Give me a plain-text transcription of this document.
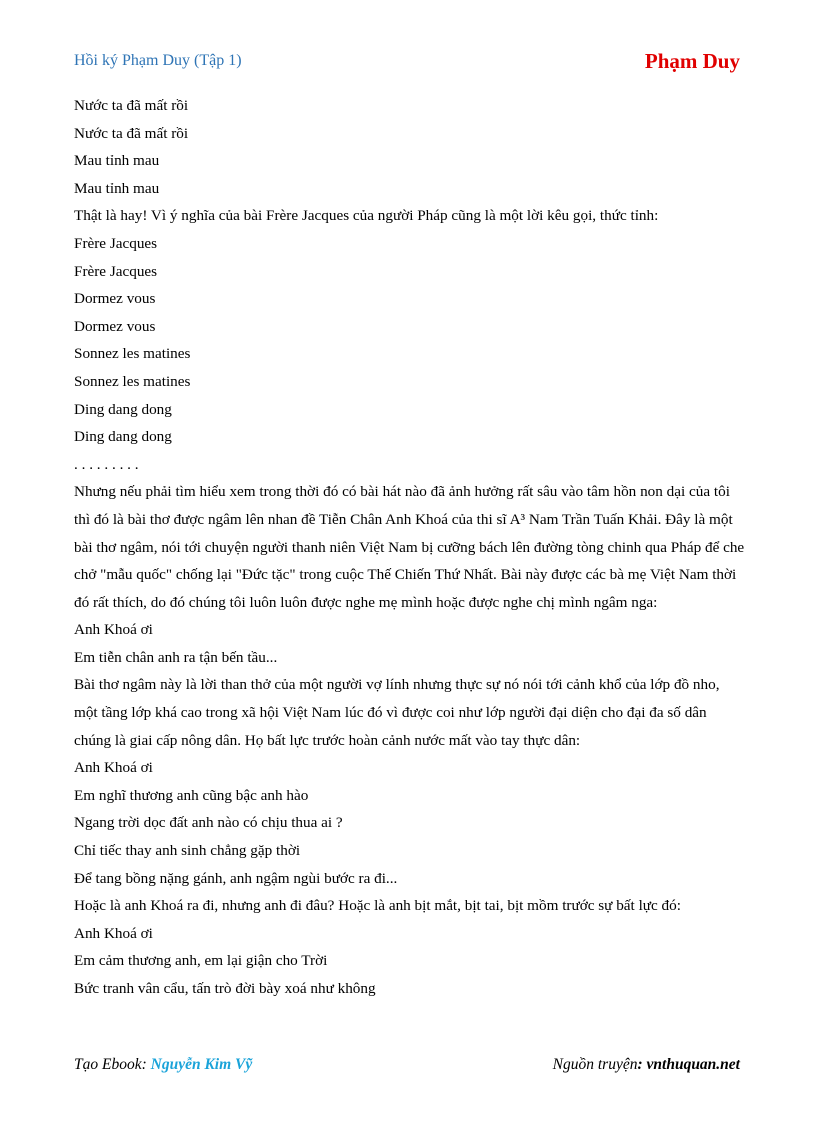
Hồi ký Phạm Duy (Tập 1)	Phạm Duy

Nước ta đã mất rồi

Nước ta đã mất rồi

Mau tỉnh mau

Mau tỉnh mau

Thật là hay! Vì ý nghĩa của bài Frère Jacques của người Pháp cũng là một lời kêu gọi, thức tỉnh:

Frère Jacques

Frère Jacques

Dormez vous

Dormez vous

Sonnez les matines

Sonnez les matines

Ding dang dong

Ding dang dong

. . . . . . . . .

Nhưng nếu phải tìm hiểu xem trong thời đó có bài hát nào đã ảnh hưởng rất sâu vào tâm hồn non dại của tôi thì đó là bài thơ được ngâm lên nhan đề Tiễn Chân Anh Khoá của thi sĩ A³ Nam Trần Tuấn Khải. Đây là một bài thơ ngâm, nói tới chuyện người thanh niên Việt Nam bị cưỡng bách lên đường tòng chinh qua Pháp để che chở "mẫu quốc" chống lại "Đức tặc" trong cuộc Thế Chiến Thứ Nhất. Bài này được các bà mẹ Việt Nam thời đó rất thích, do đó chúng tôi luôn luôn được nghe mẹ mình hoặc được nghe chị mình ngâm nga:

Anh Khoá ơi

Em tiễn chân anh ra tận bến tầu...

Bài thơ ngâm này là lời than thở của một người vợ lính nhưng thực sự nó nói tới cảnh khổ của lớp đồ nho, một tầng lớp khá cao trong xã hội Việt Nam lúc đó vì được coi như lớp người đại diện cho đại đa số dân chúng là giai cấp nông dân. Họ bất lực trước hoàn cảnh nước mất vào tay thực dân:

Anh Khoá ơi

Em nghĩ thương anh cũng bậc anh hào

Ngang trời dọc đất anh nào có chịu thua ai ?

Chỉ tiếc thay anh sinh chẳng gặp thời

Để tang bồng nặng gánh, anh ngậm ngùi bước ra đi...

Hoặc là anh Khoá ra đi, nhưng anh đi đâu? Hoặc là anh bịt mắt, bịt tai, bịt mồm trước sự bất lực đó:

Anh Khoá ơi

Em cảm thương anh, em lại giận cho Trời

Bức tranh vân cẩu, tấn trò đời bày xoá như không

Tạo Ebook: Nguyễn Kim Vỹ	Nguồn truyện: vnthuquan.net
